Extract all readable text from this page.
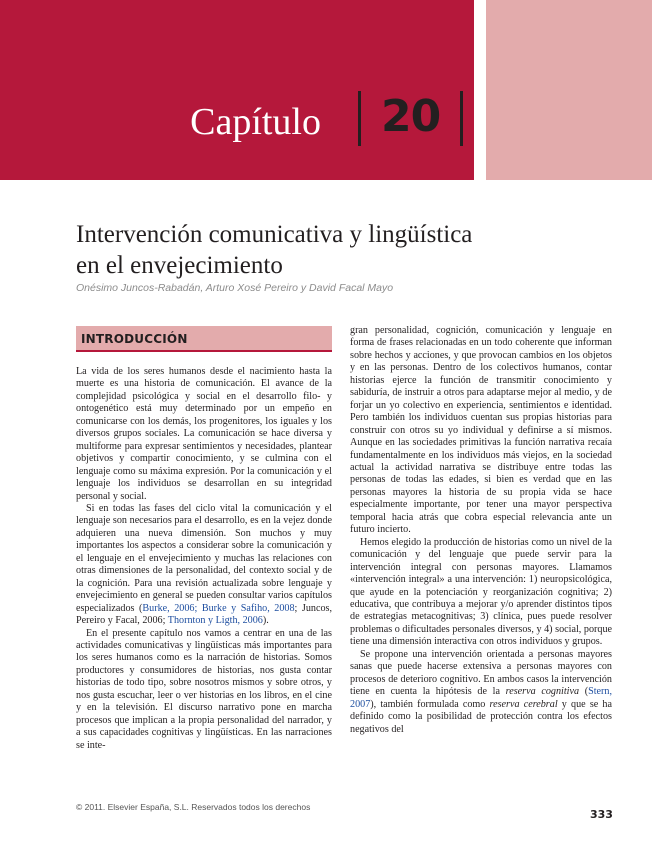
Capítulo 20
Intervención comunicativa y lingüística
en el envejecimiento
Onésimo Juncos-Rabadán, Arturo Xosé Pereiro y David Facal Mayo
INTRODUCCIÓN

La vida de los seres humanos desde el nacimiento hasta la muerte es una historia de comunicación. El avance de la complejidad psicológica y social en el desarrollo filo- y ontogenético está muy determinado por un empeño en comunicarse con los demás, los progenitores, los iguales y los diversos grupos sociales. La comunicación se hace diversa y multiforme para expresar sentimientos y necesidades, plantear objetivos y compartir conocimiento, y se culmina con el lenguaje como su máxima expresión. Por la comunicación y el lenguaje los individuos se desarrollan en su integridad personal y social.

Si en todas las fases del ciclo vital la comunicación y el lenguaje son necesarios para el desarrollo, es en la vejez donde adquieren una nueva dimensión. Son muchos y muy importantes los aspectos a considerar sobre la comunicación y el lenguaje en el envejecimiento y muchas las relaciones con otras dimensiones de la personalidad, del contexto social y de la cognición. Para una revisión actualizada sobre lenguaje y envejecimiento en general se pueden consultar varios capítulos especializados (Burke, 2006; Burke y Safiho, 2008; Juncos, Pereiro y Facal, 2006; Thornton y Ligth, 2006).

En el presente capítulo nos vamos a centrar en una de las actividades comunicativas y lingüísticas más importantes para los seres humanos como es la narración de historias. Somos productores y consumidores de historias, nos gusta contar historias de todo tipo, sobre nosotros mismos y sobre otros, y nos gusta escuchar, leer o ver historias en los libros, en el cine y en la televisión. El discurso narrativo pone en marcha procesos que implican a la propia personalidad del narrador, y a sus capacidades cognitivas y lingüísticas. En las narraciones se inte-

gran personalidad, cognición, comunicación y lenguaje en forma de frases relacionadas en un todo coherente que informan sobre hechos y acciones, y que provocan cambios en los objetos y en las personas. Dentro de los colectivos humanos, contar historias ejerce la función de transmitir conocimiento y sabiduría, de instruir a otros para adaptarse mejor al medio, y de forjar un yo colectivo en experiencia, sentimientos e identidad. Pero también los individuos cuentan sus propias historias para construir con otros su yo individual y definirse a sí mismos. Aunque en las sociedades primitivas la función narrativa recaía fundamentalmente en los individuos más viejos, en la sociedad actual la actividad narrativa se distribuye entre todas las personas de todas las edades, si bien es verdad que en las personas mayores la historia de su propia vida se hace especialmente importante, por tener una mayor perspectiva temporal hacia atrás que cobra especial relevancia ante un futuro incierto.

Hemos elegido la producción de historias como un nivel de la comunicación y del lenguaje que puede servir para la intervención integral con personas mayores. Llamamos «intervención integral» a una intervención: 1) neuropsicológica, que ayude en la potenciación y reorganización cognitiva; 2) educativa, que contribuya a mejorar y/o aprender distintos tipos de estrategias metacognitivas; 3) clínica, pues puede resolver problemas o dificultades personales diversos, y 4) social, porque tiene una dimensión interactiva con otros individuos y grupos.

Se propone una intervención orientada a personas mayores sanas que puede hacerse extensiva a personas mayores con procesos de deterioro cognitivo. En ambos casos la intervención tiene en cuenta la hipótesis de la reserva cognitiva (Stern, 2007), también formulada como reserva cerebral y que se ha definido como la posibilidad de protección contra los efectos negativos del

© 2011. Elsevier España, S.L. Reservados todos los derechos
333
